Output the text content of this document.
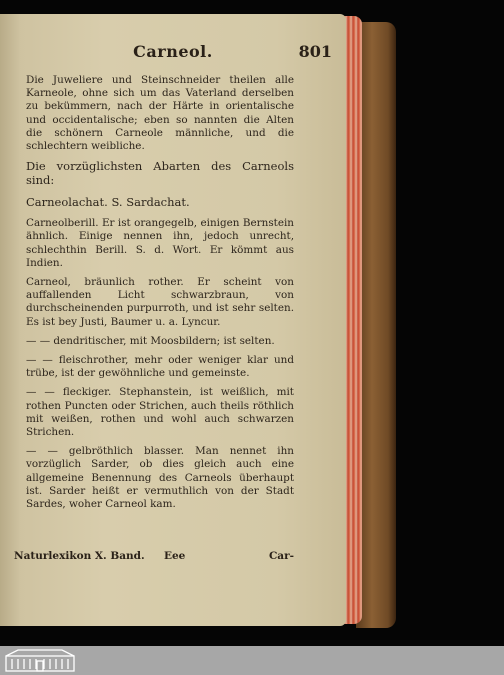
Carneol.	801

Die Juweliere und Steinschneider theilen alle Karneole, ohne sich um das Vaterland derselben zu bekümmern, nach der Härte in orientalische und occidentalische; eben so nannten die Alten die schönern Carneole männliche, und die schlechtern weibliche.

Die vorzüglichsten Abarten des Carneols sind:

Carneolachat. S. Sardachat.

Carneolberill. Er ist orangegelb, einigen Bernstein ähnlich. Einige nennen ihn, jedoch unrecht, schlechthin Berill. S. d. Wort. Er kömmt aus Indien.

Carneol, bräunlich rother. Er scheint von auffallenden Licht schwarzbraun, von durchscheinenden purpurroth, und ist sehr selten. Es ist bey Justi, Baumer u. a. Lyncur.

— — dendritischer, mit Moosbildern; ist selten.

— — fleischrother, mehr oder weniger klar und trübe, ist der gewöhnliche und gemeinste.

— — fleckiger. Stephanstein, ist weißlich, mit rothen Puncten oder Strichen, auch theils röthlich mit weißen, rothen und wohl auch schwarzen Strichen.

— — gelbröthlich blasser. Man nennet ihn vorzüglich Sarder, ob dies gleich auch eine allgemeine Benennung des Carneols überhaupt ist. Sarder heißt er vermuthlich von der Stadt Sardes, woher Carneol kam.

Naturlexikon X. Band. Eee	Car-
